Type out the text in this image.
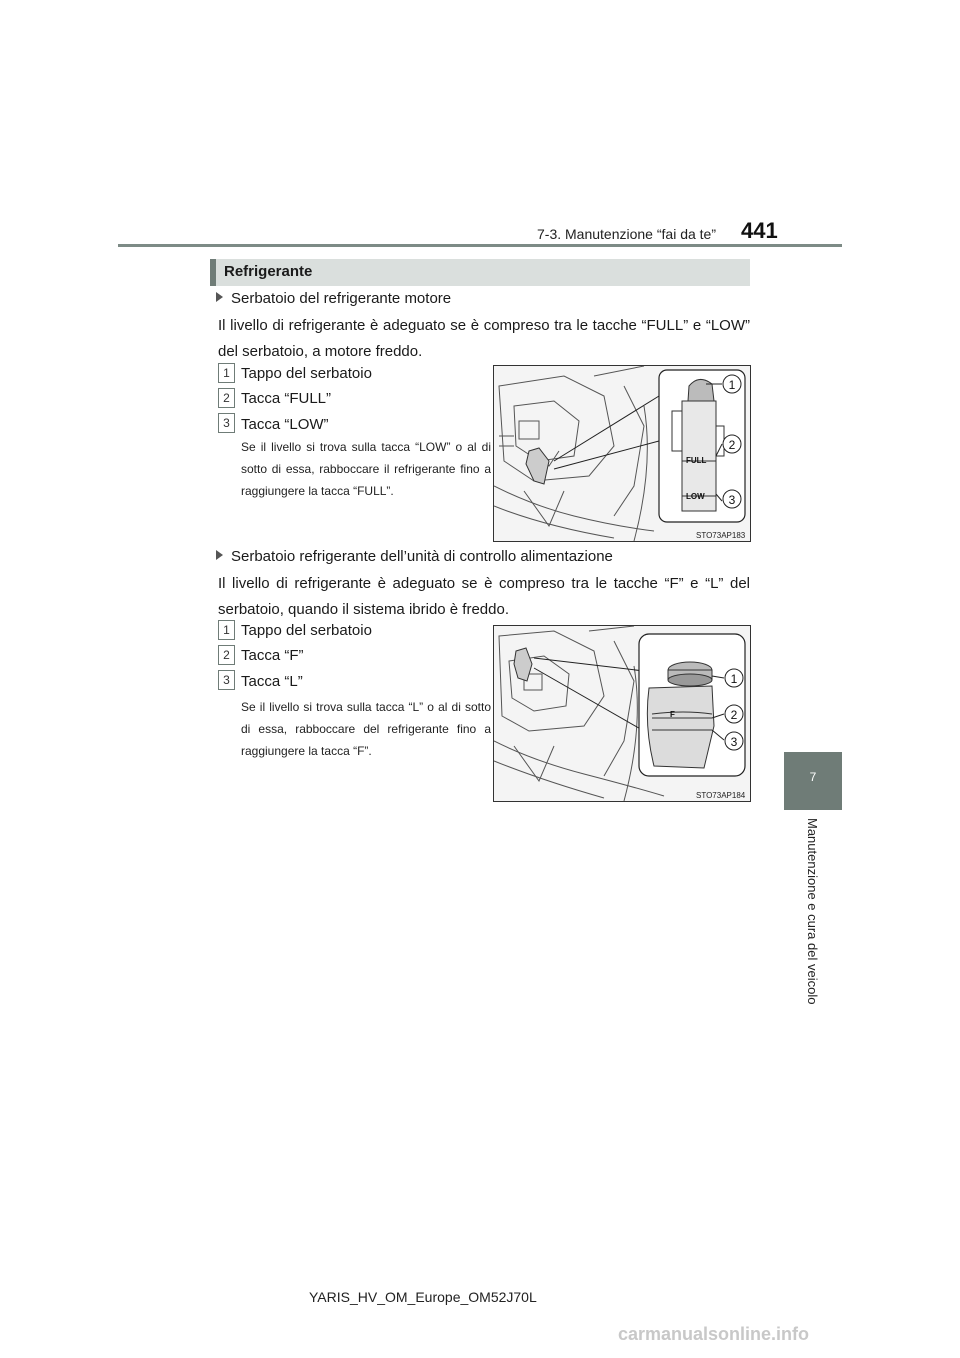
7-3. Manutenzione “fai da te” 441
7
Manutenzione e cura del veicolo
Refrigerante
Serbatoio del refrigerante motore
Il livello di refrigerante è adeguato se è compreso tra le tacche “FULL” e “LOW” del serbatoio, a motore freddo.
1 Tappo del serbatoio
2 Tacca “FULL”
3 Tacca “LOW”
Se il livello si trova sulla tacca “LOW” o al di sotto di essa, rabboccare il refrigerante fino a raggiungere la tacca “FULL”.
FULL
LOW
1
2
3
STO73AP183
Serbatoio refrigerante dell’unità di controllo alimentazione
Il livello di refrigerante è adeguato se è compreso tra le tacche “F” e “L” del serbatoio, quando il sistema ibrido è freddo.
1 Tappo del serbatoio
2 Tacca “F”
3 Tacca “L”
Se il livello si trova sulla tacca “L” o al di sotto di essa, rabboccare del refrigerante fino a raggiungere la tacca “F”.
F
1
2
3
STO73AP184
YARIS_HV_OM_Europe_OM52J70L
carmanualsonline.info
